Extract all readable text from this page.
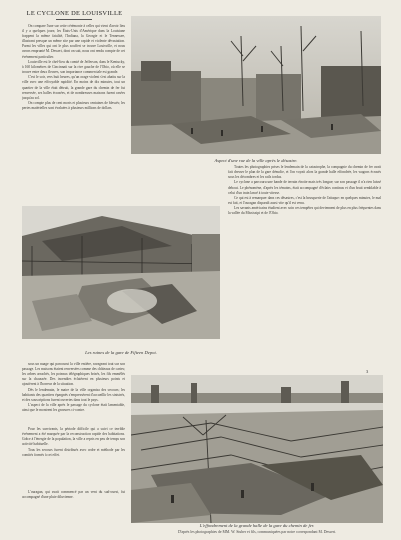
LE CYCLONE DE LOUISVILLE

On compare l'une sur cette cérémonie à celles qui vient d'avoir lieu il y a quelques jours; les États-Unis d'Amérique dans la Louisiane frappent la même fatalité, l'Indiana, la Georgie et le Tennessee, illustrant presque un même site par une rapide et violente dévastation. Parmi les villes qui ont le plus souffert se trouve Louisville, et nous avons emprunté M. Dessert, dont on sait, nous ont rendu compte de cet événement particulier.

Louisville est le chef-lieu du comté de Jefferson, dans le Kentucky, à 160 kilomètres de Cincinnati sur la rive gauche de l'Ohio, où elle se trouve entre deux fleuves, son importance commerciale est grande.

C'est le soir, vers huit heures, qu'un orage violent s'est abattu sur la ville avec une effroyable rapidité. En moins de dix minutes, tout un quartier de la ville était détruit, la grande gare du chemin de fer fut renversée, ses halles écrasées, et de nombreuses maisons furent rasées jusqu'au sol.

On compte plus de cent morts et plusieurs centaines de blessés; les pertes matérielles sont évaluées à plusieurs millions de dollars.

Aspect d'une rue de la ville après le désastre.
Les ruines de la gare de Fifteen Depot.

Toutes les photographies prises le lendemain de la catastrophe, la compagnie du chemin de fer avait fait dresser le plan de la gare démolie, et l'on voyait alors la grande halle effondrée, les wagons écrasés sous les décombres et les rails tordus.

Le cyclone a parcouru une bande de terrain étroite mais très longue; sur son passage il n'a rien laissé debout. Le phénomène, d'après les témoins, était accompagné d'éclairs continus et d'un bruit semblable à celui d'un train lancé à toute vitesse.

Ce qui est à remarquer dans ces désastres, c'est la brusquerie de l'attaque: en quelques minutes, le mal est fait, et l'ouragan disparaît aussi vite qu'il est venu.

Les savants américains étudient avec soin ces tempêtes qui deviennent de plus en plus fréquentes dans la vallée du Mississipi et de l'Ohio.

3

sous un nuage qui parcourut la ville entière, ravageant tout sur son passage. Les maisons étaient renversées comme des châteaux de cartes; les arbres arrachés, les poteaux télégraphiques brisés, les fils emmêlés sur la chaussée. Des incendies éclatèrent en plusieurs points et ajoutèrent à l'horreur de la situation.

Dès le lendemain, le maire de la ville organisa des secours; les habitants des quartiers épargnés s'empressèrent d'accueillir les sinistrés, et des souscriptions furent ouvertes dans tout le pays.

L'aspect de la ville après le passage du cyclone était lamentable, ainsi que le montrent les gravures ci-contre.

Pour les survivants, la période difficile qui a suivi ce terrible événement a été marquée par la reconstruction rapide des habitations. Grâce à l'énergie de la population, la ville a repris en peu de temps son activité habituelle.

Tous les secours furent distribués avec ordre et méthode par les comités formés à cet effet.

L'ouragan, qui avait commencé par un vent du sud-ouest, fut accompagné d'une pluie diluvienne.

L'effondrement de la grande halle de la gare du chemin de fer.
D'après les photographies de MM. W. Stuber et fils, communiquées par notre correspondant M. Dessert.
